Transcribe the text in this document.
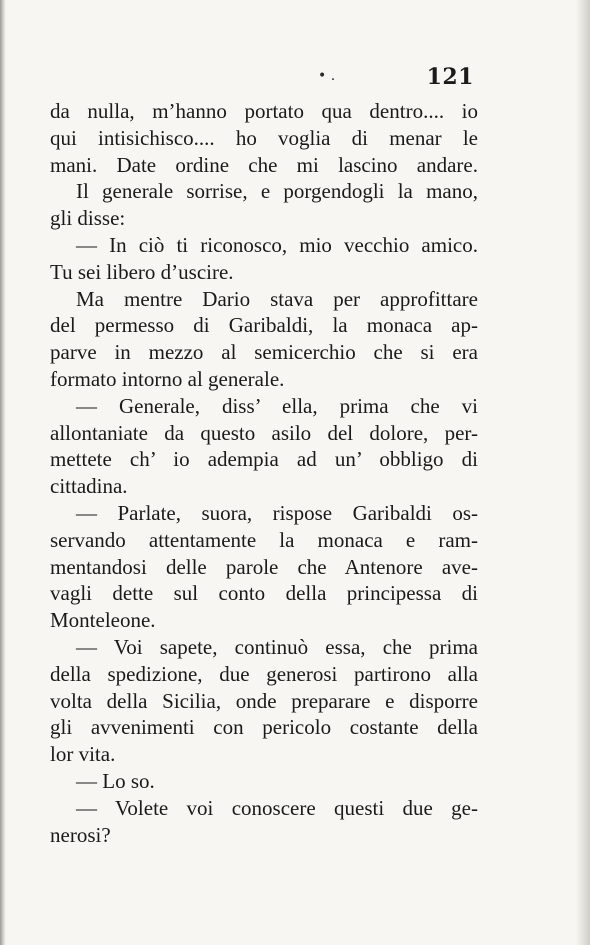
• .	121
da nulla, m’hanno portato qua dentro.... io
qui intisichisco.... ho voglia di menar le
mani. Date ordine che mi lascino andare.
Il generale sorrise, e porgendogli la mano,
gli disse:
— In ciò ti riconosco, mio vecchio amico.
Tu sei libero d’uscire.
Ma mentre Dario stava per approfittare
del permesso di Garibaldi, la monaca ap-
parve in mezzo al semicerchio che si era
formato intorno al generale.
— Generale, diss’ ella, prima che vi
allontaniate da questo asilo del dolore, per-
mettete ch’ io adempia ad un’ obbligo di
cittadina.
— Parlate, suora, rispose Garibaldi os-
servando attentamente la monaca e ram-
mentandosi delle parole che Antenore ave-
vagli dette sul conto della principessa di
Monteleone.
— Voi sapete, continuò essa, che prima
della spedizione, due generosi partirono alla
volta della Sicilia, onde preparare e disporre
gli avvenimenti con pericolo costante della
lor vita.
— Lo so.
— Volete voi conoscere questi due ge-
nerosi?
